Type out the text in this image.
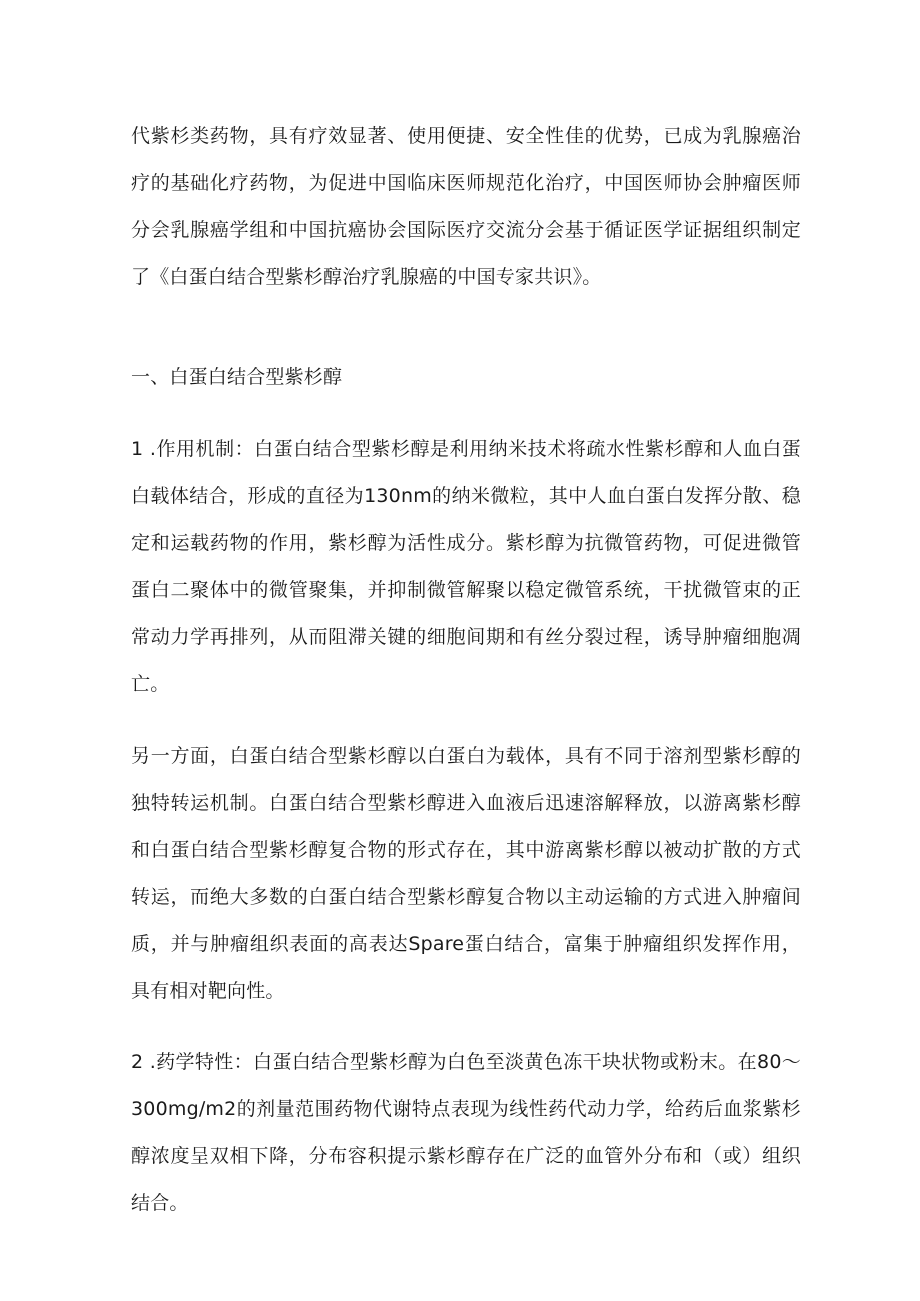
代紫杉类药物，具有疗效显著、使用便捷、安全性佳的优势，已成为乳腺癌治疗的基础化疗药物，为促进中国临床医师规范化治疗，中国医师协会肿瘤医师分会乳腺癌学组和中国抗癌协会国际医疗交流分会基于循证医学证据组织制定了《白蛋白结合型紫杉醇治疗乳腺癌的中国专家共识》。

一、白蛋白结合型紫杉醇

1 .作用机制：白蛋白结合型紫杉醇是利用纳米技术将疏水性紫杉醇和人血白蛋白载体结合，形成的直径为130nm的纳米微粒，其中人血白蛋白发挥分散、稳定和运载药物的作用，紫杉醇为活性成分。紫杉醇为抗微管药物，可促进微管蛋白二聚体中的微管聚集，并抑制微管解聚以稳定微管系统，干扰微管束的正常动力学再排列，从而阻滞关键的细胞间期和有丝分裂过程，诱导肿瘤细胞凋亡。

另一方面，白蛋白结合型紫杉醇以白蛋白为载体，具有不同于溶剂型紫杉醇的独特转运机制。白蛋白结合型紫杉醇进入血液后迅速溶解释放，以游离紫杉醇和白蛋白结合型紫杉醇复合物的形式存在，其中游离紫杉醇以被动扩散的方式转运，而绝大多数的白蛋白结合型紫杉醇复合物以主动运输的方式进入肿瘤间质，并与肿瘤组织表面的高表达Spare蛋白结合，富集于肿瘤组织发挥作用，具有相对靶向性。

2 .药学特性：白蛋白结合型紫杉醇为白色至淡黄色冻干块状物或粉末。在80〜300mg∕m2的剂量范围药物代谢特点表现为线性药代动力学，给药后血浆紫杉醇浓度呈双相下降，分布容积提示紫杉醇存在广泛的血管外分布和（或）组织结合。
